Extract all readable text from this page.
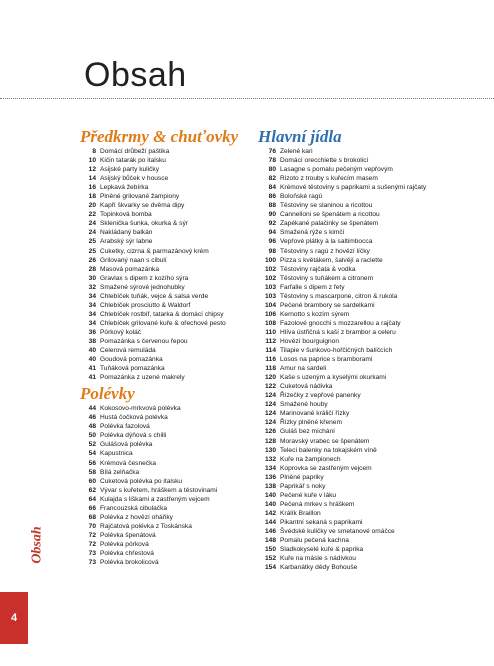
Obsah
Předkrmy & chuťovky
8 Domácí drůbeží paštika
10 Kičin tatarák po italsku
12 Asijské party kuličky
14 Asijský bůček v housce
16 Lepkavá žebírka
18 Plněné grilované žampiony
20 Kapří škvarky se dvěma dipy
22 Topinková bomba
24 Sklenička šunka, okurka & sýr
24 Nakládaný balkán
25 Arabský sýr labne
25 Cuketky, cizrna & parmazánový krém
26 Grilovaný naan s cibulí
28 Masová pomazánka
30 Gravlax s dipem z kozího sýra
32 Smažené sýrové jednohubky
34 Chlebíček tuňák, vejce & salsa verde
34 Chlebíček prosciutto & Waldorf
34 Chlebíček rostbíf, tatarka & domácí chipsy
34 Chlebíček grilované kuře & ořechové pesto
36 Pórkový koláč
38 Pomazánka s červenou řepou
40 Celerová remuláda
40 Goudová pomazánka
41 Tuňáková pomazánka
41 Pomazánka z uzené makrely
Polévky
44 Kokosovo-mrkvová polévka
46 Hustá čočková polévka
48 Polévka fazolová
50 Polévka dýňová s chilli
52 Gulášová polévka
54 Kapustnica
56 Krémová česnečka
58 Bílá zelňačka
60 Cuketová polévka po italsku
62 Vývar s kuřetem, hráškem a těstovinami
64 Kulajda s liškami a zastřeným vejcem
66 Francouzská cibulačka
68 Polévka z hovězí oháňky
70 Rajčatová polévka z Toskánska
72 Polévka špenátová
72 Polévka pórková
73 Polévka chřestová
73 Polévka brokolicová
Hlavní jídla
76 Zelené kari
78 Domácí orecchiette s brokolicí
80 Lasagne s pomalu pečeným vepřovým
82 Rizoto z trouby s kuřecím masem
84 Krémové těstoviny s paprikami a sušenými rajčaty
86 Boloňské ragú
88 Těstoviny se slaninou a ricottou
90 Cannelloni se špenátem a ricottou
92 Zapékané palačinky se špenátem
94 Smažená rýže s kimčí
96 Vepřové plátky à la saltimbocca
98 Těstoviny s ragú z hovězí líčky
100 Pizza s květákem, šalvějí a raclette
102 Těstoviny rajčata & vodka
102 Těstoviny s tuňákem a citronem
103 Farfalle s dipem z fety
103 Těstoviny s mascarpone, citron & rukola
104 Pečené brambory se sardelkami
106 Kernotto s kozím sýrem
108 Fazolové gnocchi s mozzarellou a rajčaty
110 Hlíva ústřičná s kaší z brambor a celeru
112 Hovězí bourguignon
114 Tilapie v šunkovo-hořčičných balíčcích
116 Losos na paprice s bramborami
118 Amur na sardeli
120 Kaše s uzeným a kyselými okurkami
122 Cuketová nádivka
124 Řízečky z vepřové panenky
124 Smažené houby
124 Marinované králičí řízky
124 Řízky plněné křenem
126 Guláš bez míchání
128 Moravský vrabec se špenátem
130 Telecí balenky na tokajském víně
132 Kuře na žampionech
134 Koprovka se zastřeným vejcem
136 Plněné papriky
138 Paprikář s noky
140 Pečené kuře v láku
140 Pečená mrkev s hráškem
142 Králík Braillon
144 Pikantní sekaná s paprikami
146 Švédské kuličky ve smetanové omáčce
148 Pomalu pečená kachna
150 Sladkokyselé kuře & paprika
152 Kuře na másle s nádivkou
154 Karbanátky dědy Bohouše
Obsah
4
